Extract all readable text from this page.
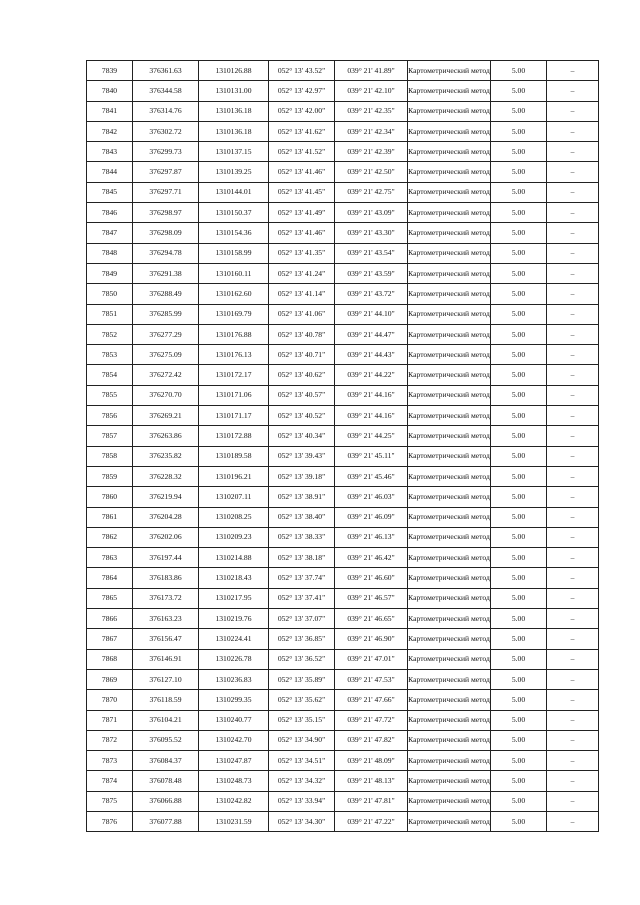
7839	376361.63	1310126.88	052° 13' 43.52"	039° 21' 41.89"	Картометрический метод	5.00	–
7840	376344.58	1310131.00	052° 13' 42.97"	039° 21' 42.10"	Картометрический метод	5.00	–
7841	376314.76	1310136.18	052° 13' 42.00"	039° 21' 42.35"	Картометрический метод	5.00	–
7842	376302.72	1310136.18	052° 13' 41.62"	039° 21' 42.34"	Картометрический метод	5.00	–
7843	376299.73	1310137.15	052° 13' 41.52"	039° 21' 42.39"	Картометрический метод	5.00	–
7844	376297.87	1310139.25	052° 13' 41.46"	039° 21' 42.50"	Картометрический метод	5.00	–
7845	376297.71	1310144.01	052° 13' 41.45"	039° 21' 42.75"	Картометрический метод	5.00	–
7846	376298.97	1310150.37	052° 13' 41.49"	039° 21' 43.09"	Картометрический метод	5.00	–
7847	376298.09	1310154.36	052° 13' 41.46"	039° 21' 43.30"	Картометрический метод	5.00	–
7848	376294.78	1310158.99	052° 13' 41.35"	039° 21' 43.54"	Картометрический метод	5.00	–
7849	376291.38	1310160.11	052° 13' 41.24"	039° 21' 43.59"	Картометрический метод	5.00	–
7850	376288.49	1310162.60	052° 13' 41.14"	039° 21' 43.72"	Картометрический метод	5.00	–
7851	376285.99	1310169.79	052° 13' 41.06"	039° 21' 44.10"	Картометрический метод	5.00	–
7852	376277.29	1310176.88	052° 13' 40.78"	039° 21' 44.47"	Картометрический метод	5.00	–
7853	376275.09	1310176.13	052° 13' 40.71"	039° 21' 44.43"	Картометрический метод	5.00	–
7854	376272.42	1310172.17	052° 13' 40.62"	039° 21' 44.22"	Картометрический метод	5.00	–
7855	376270.70	1310171.06	052° 13' 40.57"	039° 21' 44.16"	Картометрический метод	5.00	–
7856	376269.21	1310171.17	052° 13' 40.52"	039° 21' 44.16"	Картометрический метод	5.00	–
7857	376263.86	1310172.88	052° 13' 40.34"	039° 21' 44.25"	Картометрический метод	5.00	–
7858	376235.82	1310189.58	052° 13' 39.43"	039° 21' 45.11"	Картометрический метод	5.00	–
7859	376228.32	1310196.21	052° 13' 39.18"	039° 21' 45.46"	Картометрический метод	5.00	–
7860	376219.94	1310207.11	052° 13' 38.91"	039° 21' 46.03"	Картометрический метод	5.00	–
7861	376204.28	1310208.25	052° 13' 38.40"	039° 21' 46.09"	Картометрический метод	5.00	–
7862	376202.06	1310209.23	052° 13' 38.33"	039° 21' 46.13"	Картометрический метод	5.00	–
7863	376197.44	1310214.88	052° 13' 38.18"	039° 21' 46.42"	Картометрический метод	5.00	–
7864	376183.86	1310218.43	052° 13' 37.74"	039° 21' 46.60"	Картометрический метод	5.00	–
7865	376173.72	1310217.95	052° 13' 37.41"	039° 21' 46.57"	Картометрический метод	5.00	–
7866	376163.23	1310219.76	052° 13' 37.07"	039° 21' 46.65"	Картометрический метод	5.00	–
7867	376156.47	1310224.41	052° 13' 36.85"	039° 21' 46.90"	Картометрический метод	5.00	–
7868	376146.91	1310226.78	052° 13' 36.52"	039° 21' 47.01"	Картометрический метод	5.00	–
7869	376127.10	1310236.83	052° 13' 35.89"	039° 21' 47.53"	Картометрический метод	5.00	–
7870	376118.59	1310299.35	052° 13' 35.62"	039° 21' 47.66"	Картометрический метод	5.00	–
7871	376104.21	1310240.77	052° 13' 35.15"	039° 21' 47.72"	Картометрический метод	5.00	–
7872	376095.52	1310242.70	052° 13' 34.90"	039° 21' 47.82"	Картометрический метод	5.00	–
7873	376084.37	1310247.87	052° 13' 34.51"	039° 21' 48.09"	Картометрический метод	5.00	–
7874	376078.48	1310248.73	052° 13' 34.32"	039° 21' 48.13"	Картометрический метод	5.00	–
7875	376066.88	1310242.82	052° 13' 33.94"	039° 21' 47.81"	Картометрический метод	5.00	–
7876	376077.88	1310231.59	052° 13' 34.30"	039° 21' 47.22"	Картометрический метод	5.00	–
